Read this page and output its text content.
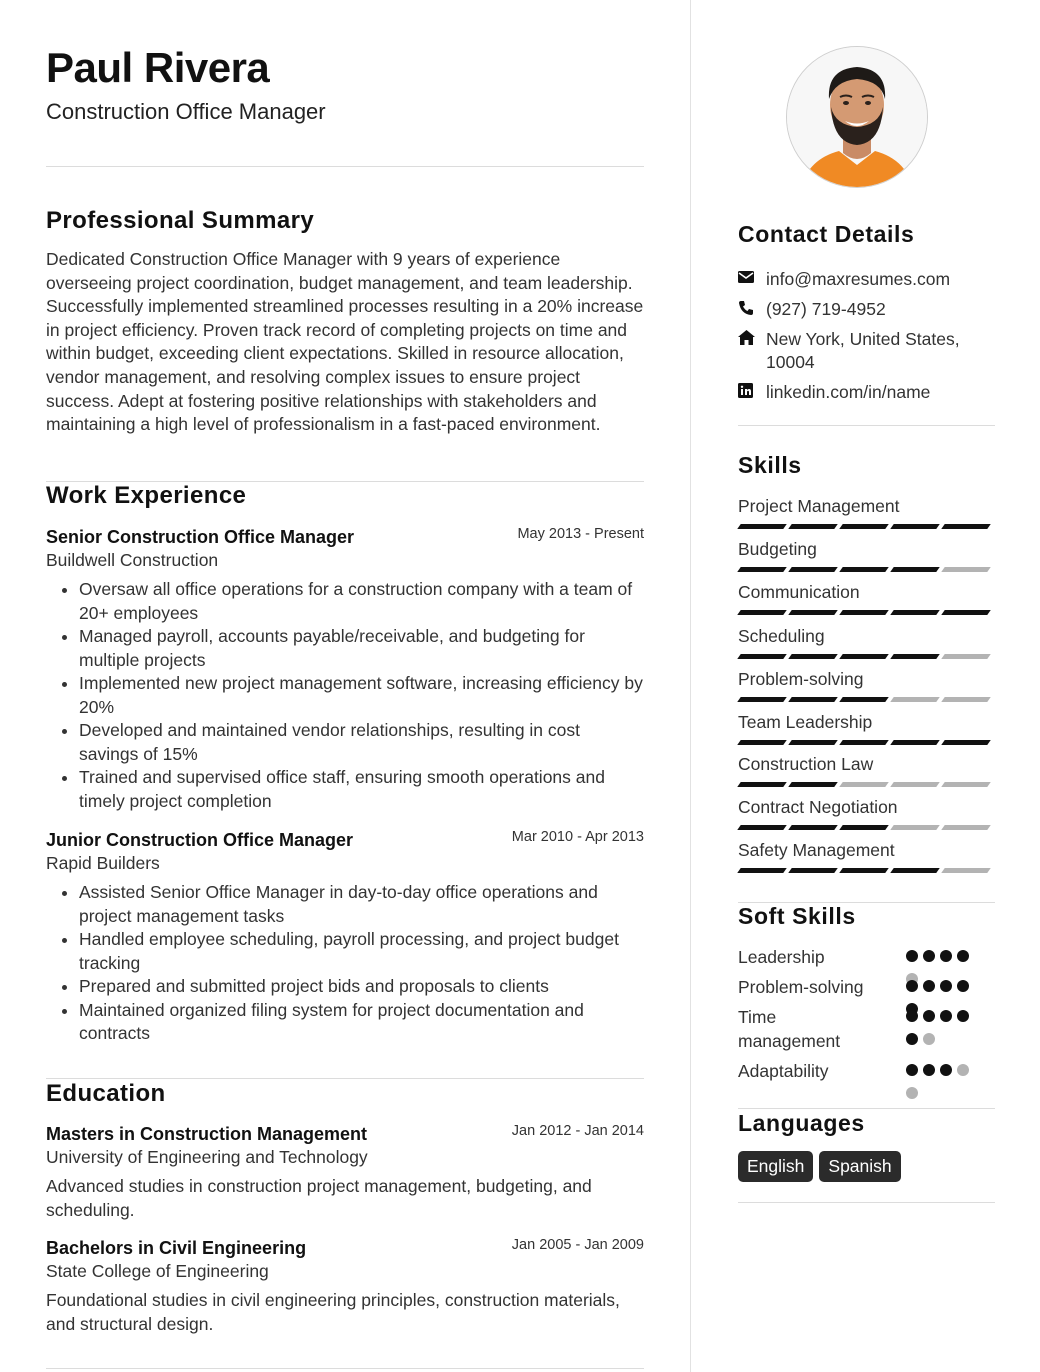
Paul Rivera
Construction Office Manager
Professional Summary

Dedicated Construction Office Manager with 9 years of experience overseeing project coordination, budget management, and team leadership. Successfully implemented streamlined processes resulting in a 20% increase in project efficiency. Proven track record of completing projects on time and within budget, exceeding client expectations. Skilled in resource allocation, vendor management, and resolving complex issues to ensure project success. Adept at fostering positive relationships with stakeholders and maintaining a high level of professionalism in a fast-paced environment.

Work Experience
Senior Construction Office Manager	May 2013 - Present
Buildwell Construction
• Oversaw all office operations for a construction company with a team of 20+ employees
• Managed payroll, accounts payable/receivable, and budgeting for multiple projects
• Implemented new project management software, increasing efficiency by 20%
• Developed and maintained vendor relationships, resulting in cost savings of 15%
• Trained and supervised office staff, ensuring smooth operations and timely project completion
Junior Construction Office Manager	Mar 2010 - Apr 2013
Rapid Builders
• Assisted Senior Office Manager in day-to-day office operations and project management tasks
• Handled employee scheduling, payroll processing, and project budget tracking
• Prepared and submitted project bids and proposals to clients
• Maintained organized filing system for project documentation and contracts
Education
Masters in Construction Management	Jan 2012 - Jan 2014
University of Engineering and Technology
Advanced studies in construction project management, budgeting, and scheduling.
Bachelors in Civil Engineering	Jan 2005 - Jan 2009
State College of Engineering
Foundational studies in civil engineering principles, construction materials, and structural design.
Contact Details
info@maxresumes.com
(927) 719-4952
New York, United States, 10004
linkedin.com/in/name
Skills
Project Management
Budgeting
Communication
Scheduling
Problem-solving
Team Leadership
Construction Law
Contract Negotiation
Safety Management
Soft Skills
Leadership
Problem-solving
Time management
Adaptability
Languages
English	Spanish
